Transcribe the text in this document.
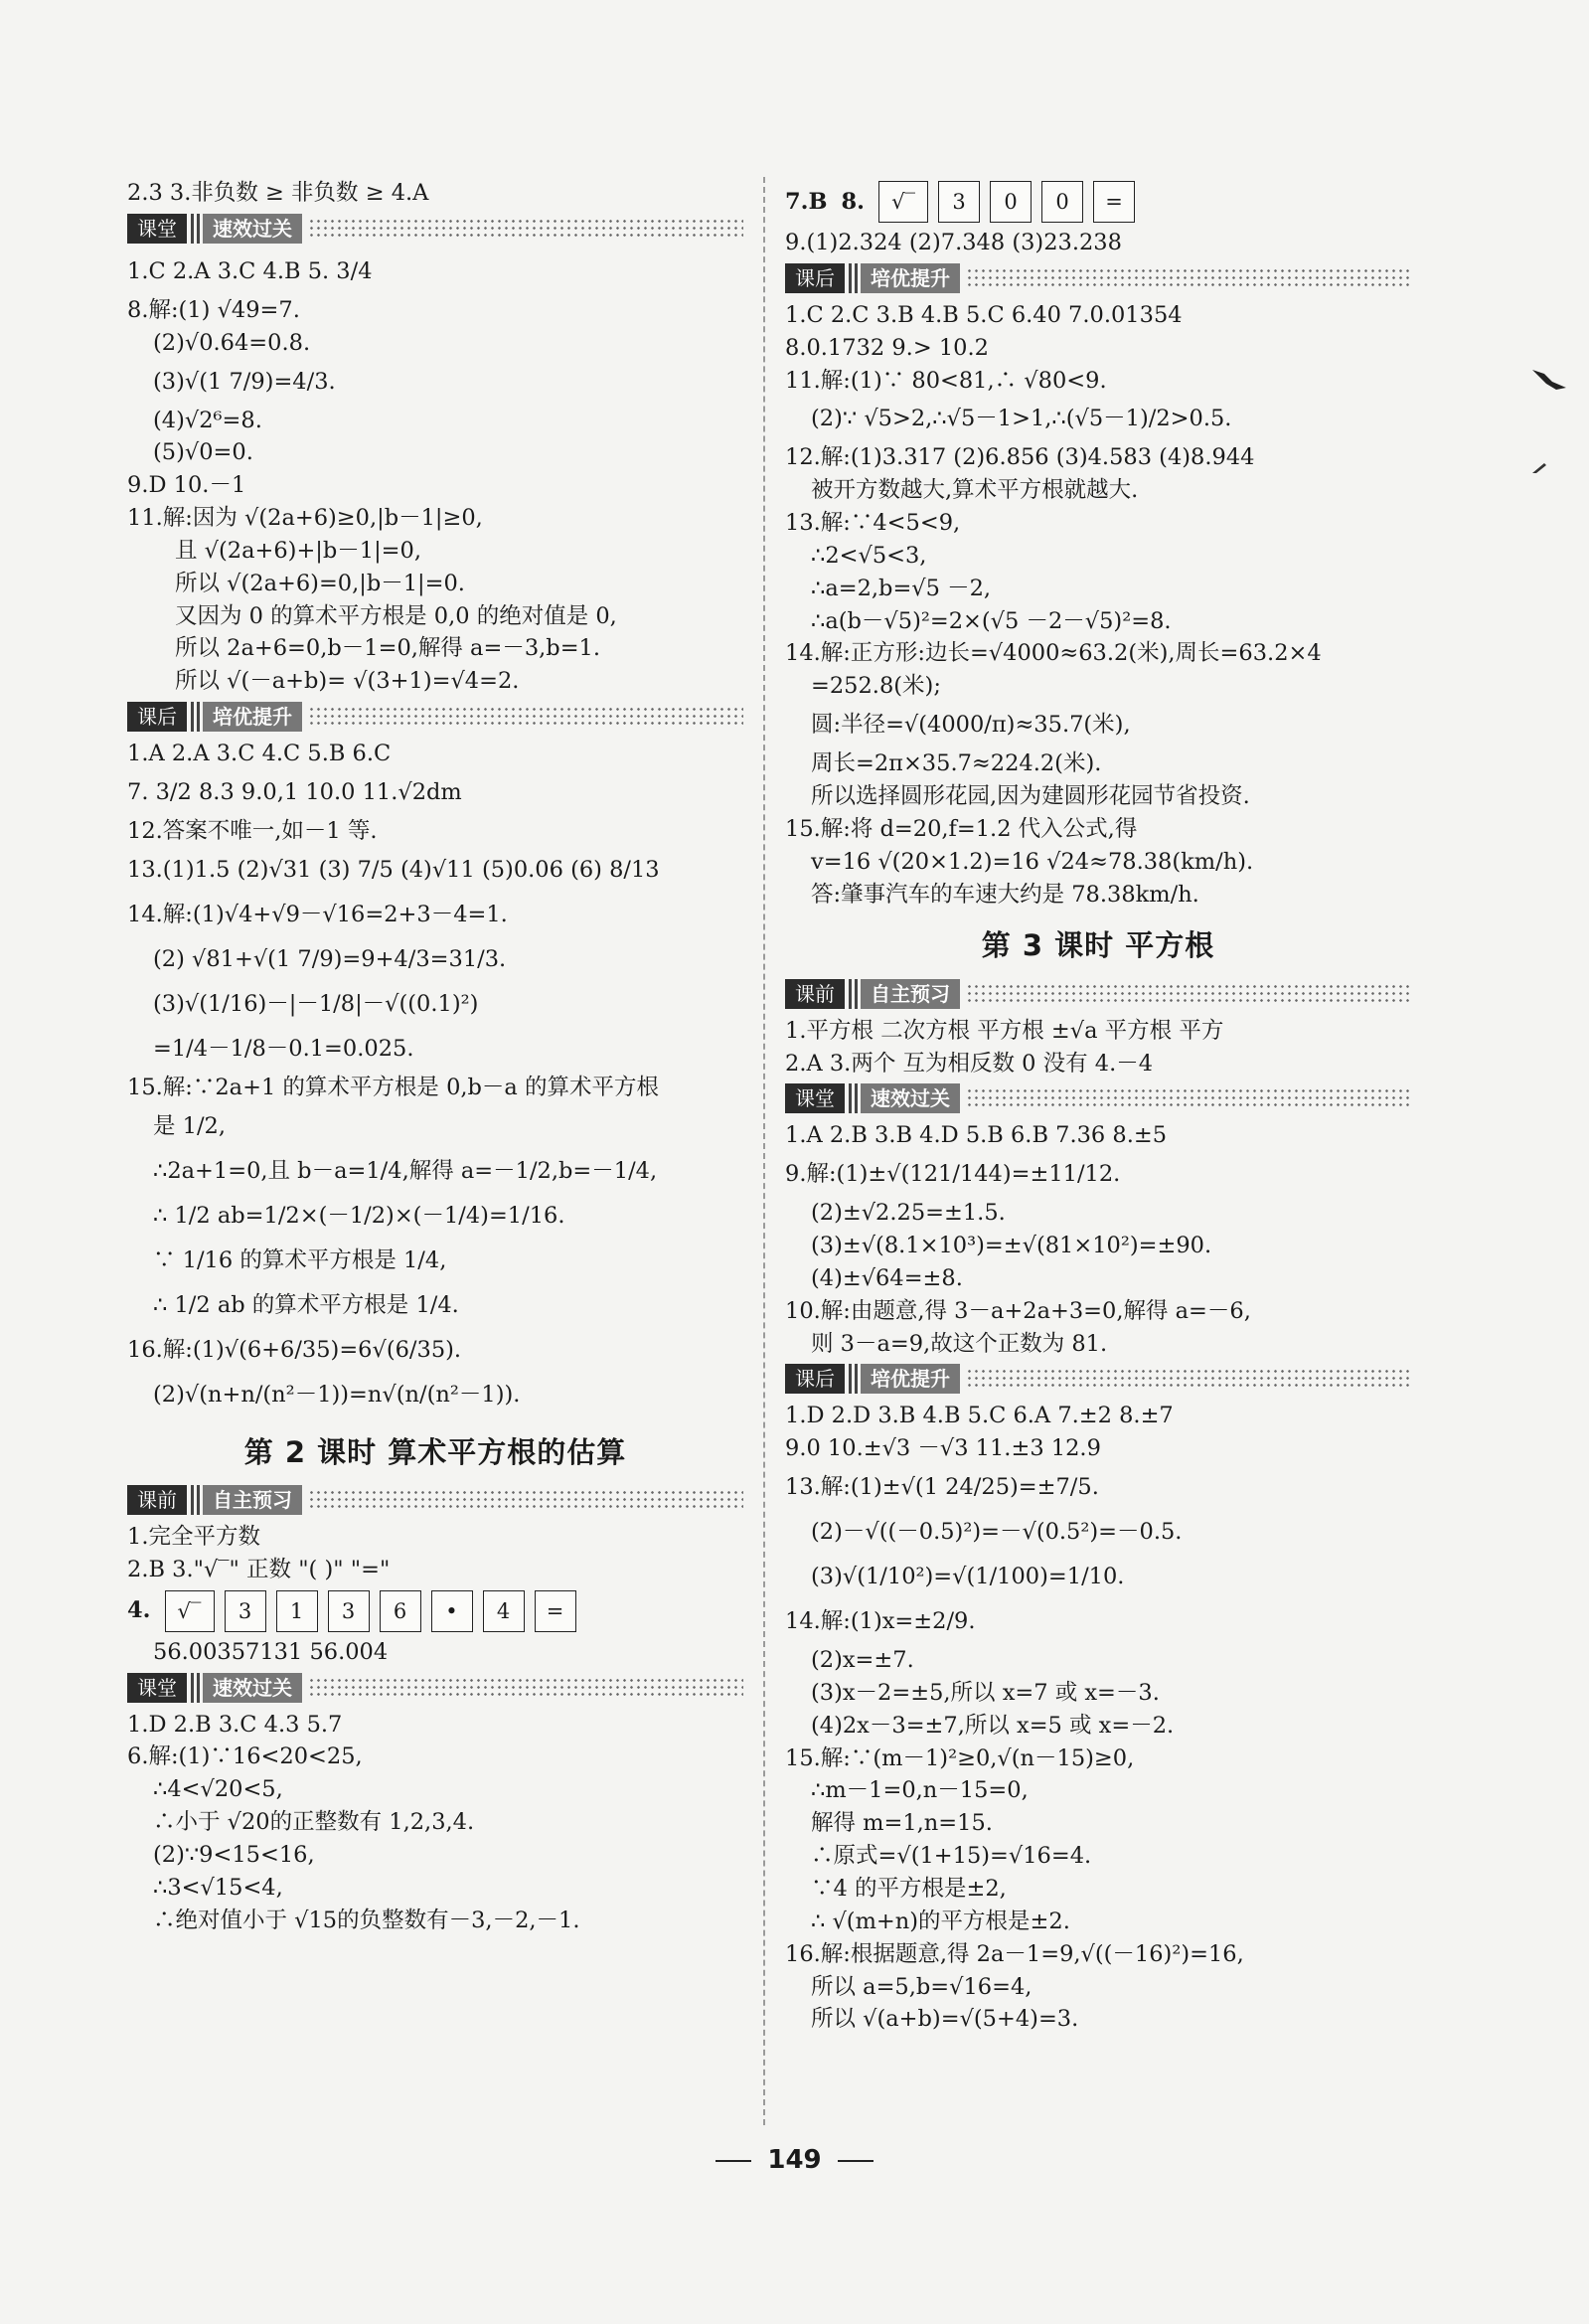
2.3 3.非负数 ≥ 非负数 ≥ 4.A
课堂	速效过关
1.C 2.A 3.C 4.B 5. 3/4
8.解:(1) √49=7.
(2)√0.64=0.8.
(3)√(1 7/9)=4/3.
(4)√2⁶=8.
(5)√0=0.
9.D 10.－1
11.解:因为 √(2a+6)≥0,|b－1|≥0,
且 √(2a+6)+|b－1|=0,
所以 √(2a+6)=0,|b－1|=0.
又因为 0 的算术平方根是 0,0 的绝对值是 0,
所以 2a+6=0,b－1=0,解得 a=－3,b=1.
所以 √(－a+b)= √(3+1)=√4=2.
课后	培优提升
1.A 2.A 3.C 4.C 5.B 6.C
7. 3/2 8.3 9.0,1 10.0 11.√2dm
12.答案不唯一,如－1 等.
13.(1)1.5 (2)√31 (3) 7/5 (4)√11 (5)0.06 (6) 8/13
14.解:(1)√4+√9－√16=2+3－4=1.
(2) √81+√(1 7/9)=9+4/3=31/3.
(3)√(1/16)－|－1/8|－√((0.1)²)
=1/4－1/8－0.1=0.025.
15.解:∵2a+1 的算术平方根是 0,b－a 的算术平方根
是 1/2,
∴2a+1=0,且 b－a=1/4,解得 a=－1/2,b=－1/4,
∴ 1/2 ab=1/2×(－1/2)×(－1/4)=1/16.
∵ 1/16 的算术平方根是 1/4,
∴ 1/2 ab 的算术平方根是 1/4.
16.解:(1)√(6+6/35)=6√(6/35).
(2)√(n+n/(n²－1))=n√(n/(n²－1)).
第 2 课时 算术平方根的估算
课前	自主预习
1.完全平方数
2.B 3."√‾" 正数 "( )" "="
4.	√‾	3	1	3	6	•	4	=
56.00357131 56.004
课堂	速效过关
1.D 2.B 3.C 4.3 5.7
6.解:(1)∵16<20<25,
∴4<√20<5,
∴小于 √20的正整数有 1,2,3,4.
(2)∵9<15<16,
∴3<√15<4,
∴绝对值小于 √15的负整数有－3,－2,－1.
7.B 8.	√‾	3	0	0	=
9.(1)2.324 (2)7.348 (3)23.238
课后	培优提升
1.C 2.C 3.B 4.B 5.C 6.40 7.0.01354
8.0.1732 9.> 10.2
11.解:(1)∵ 80<81,∴ √80<9.
(2)∵ √5>2,∴√5－1>1,∴(√5－1)/2>0.5.
12.解:(1)3.317 (2)6.856 (3)4.583 (4)8.944
被开方数越大,算术平方根就越大.
13.解:∵4<5<9,
∴2<√5<3,
∴a=2,b=√5 －2,
∴a(b－√5)²=2×(√5 －2－√5)²=8.
14.解:正方形:边长=√4000≈63.2(米),周长=63.2×4
=252.8(米);
圆:半径=√(4000/π)≈35.7(米),
周长=2π×35.7≈224.2(米).
所以选择圆形花园,因为建圆形花园节省投资.
15.解:将 d=20,f=1.2 代入公式,得
v=16 √(20×1.2)=16 √24≈78.38(km/h).
答:肇事汽车的车速大约是 78.38km/h.
第 3 课时 平方根
课前	自主预习
1.平方根 二次方根 平方根 ±√a 平方根 平方
2.A 3.两个 互为相反数 0 没有 4.－4
课堂	速效过关
1.A 2.B 3.B 4.D 5.B 6.B 7.36 8.±5
9.解:(1)±√(121/144)=±11/12.
(2)±√2.25=±1.5.
(3)±√(8.1×10³)=±√(81×10²)=±90.
(4)±√64=±8.
10.解:由题意,得 3－a+2a+3=0,解得 a=－6,
则 3－a=9,故这个正数为 81.
课后	培优提升
1.D 2.D 3.B 4.B 5.C 6.A 7.±2 8.±7
9.0 10.±√3 －√3 11.±3 12.9
13.解:(1)±√(1 24/25)=±7/5.
(2)－√((－0.5)²)=－√(0.5²)=－0.5.
(3)√(1/10²)=√(1/100)=1/10.
14.解:(1)x=±2/9.
(2)x=±7.
(3)x－2=±5,所以 x=7 或 x=－3.
(4)2x－3=±7,所以 x=5 或 x=－2.
15.解:∵(m－1)²≥0,√(n－15)≥0,
∴m－1=0,n－15=0,
解得 m=1,n=15.
∴原式=√(1+15)=√16=4.
∵4 的平方根是±2,
∴ √(m+n)的平方根是±2.
16.解:根据题意,得 2a－1=9,√((－16)²)=16,
所以 a=5,b=√16=4,
所以 √(a+b)=√(5+4)=3.
149
